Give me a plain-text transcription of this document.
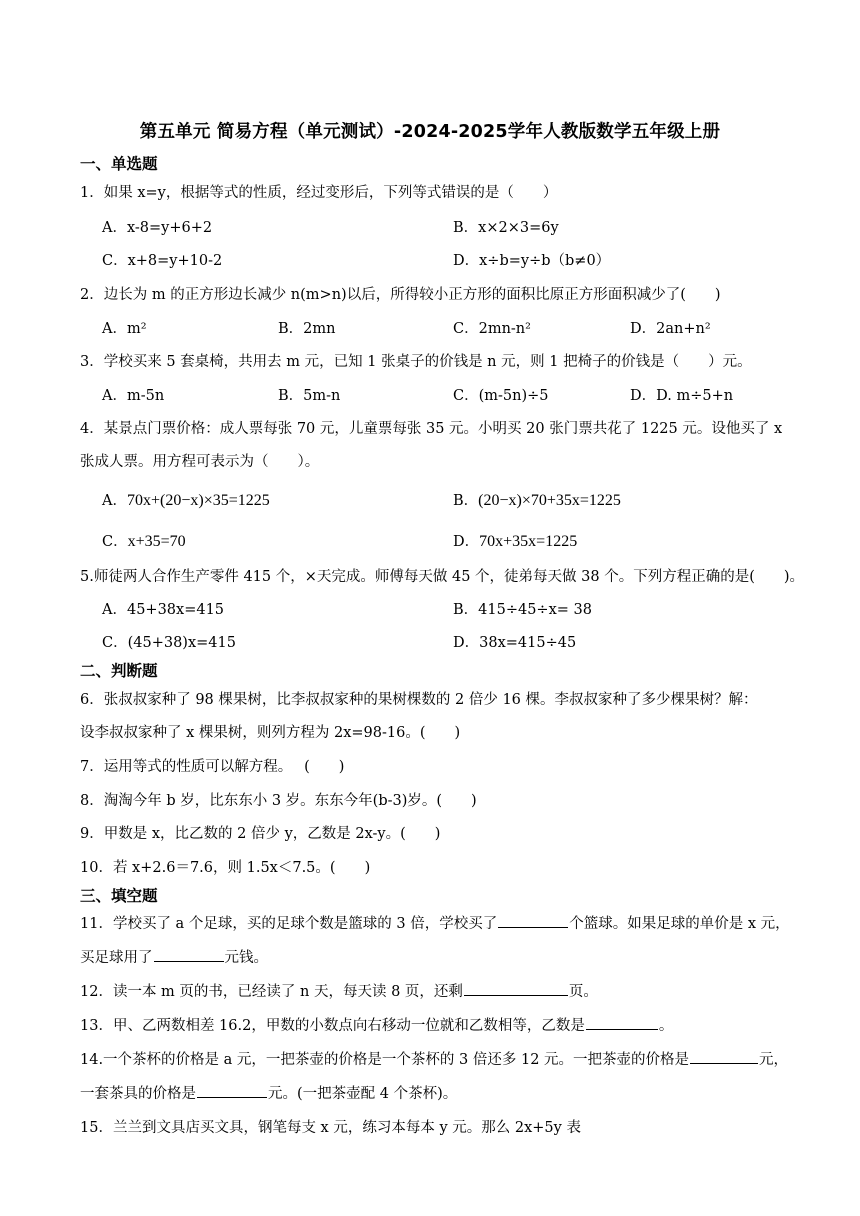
第五单元 简易方程（单元测试）-2024-2025学年人教版数学五年级上册
一、单选题
1．如果 x=y，根据等式的性质，经过变形后，下列等式错误的是（　　）
A．x-8=y+6+2	B．x×2×3=6y
C．x+8=y+10-2	D．x÷b=y÷b（b≠0）
2．边长为 m 的正方形边长减少 n(m>n)以后，所得较小正方形的面积比原正方形面积减少了(　　)
A．m²	B．2mn	C．2mn-n²	D．2an+n²
3．学校买来 5 套桌椅，共用去 m 元，已知 1 张桌子的价钱是 n 元，则 1 把椅子的价钱是（　　）元。
A．m-5n	B．5m-n	C．(m-5n)÷5	D．D. m÷5+n
4．某景点门票价格：成人票每张 70 元，儿童票每张 35 元。小明买 20 张门票共花了 1225 元。设他买了 x
张成人票。用方程可表示为（　　）。
A．70x+(20−x)×35=1225	B．(20−x)×70+35x=1225
C．x+35=70	D．70x+35x=1225
5.师徒两人合作生产零件 415 个，×天完成。师傅每天做 45 个，徒弟每天做 38 个。下列方程正确的是(　　)。
A．45+38x=415	B．415÷45÷x= 38
C．(45+38)x=415	D．38x=415÷45
二、判断题
6．张叔叔家种了 98 棵果树，比李叔叔家种的果树棵数的 2 倍少 16 棵。李叔叔家种了多少棵果树？解：
设李叔叔家种了 x 棵果树，则列方程为 2x=98-16。(　　)
7．运用等式的性质可以解方程。　 (　　)
8．淘淘今年 b 岁，比东东小 3 岁。东东今年(b-3)岁。(　　)
9．甲数是 x，比乙数的 2 倍少 y，乙数是 2x-y。(　　)
10．若 x+2.6＝7.6，则 1.5x＜7.5。(　　)
三、填空题
11．学校买了 a 个足球，买的足球个数是篮球的 3 倍，学校买了	个篮球。如果足球的单价是 x 元，
买足球用了	元钱。
12．读一本 m 页的书，已经读了 n 天，每天读 8 页，还剩	页。
13．甲、乙两数相差 16.2，甲数的小数点向右移动一位就和乙数相等，乙数是	。
14.一个茶杯的价格是 a 元，一把茶壶的价格是一个茶杯的 3 倍还多 12 元。一把茶壶的价格是	元，
一套茶具的价格是	元。(一把茶壶配 4 个茶杯)。
15．兰兰到文具店买文具，钢笔每支 x 元，练习本每本 y 元。那么 2x+5y 表
